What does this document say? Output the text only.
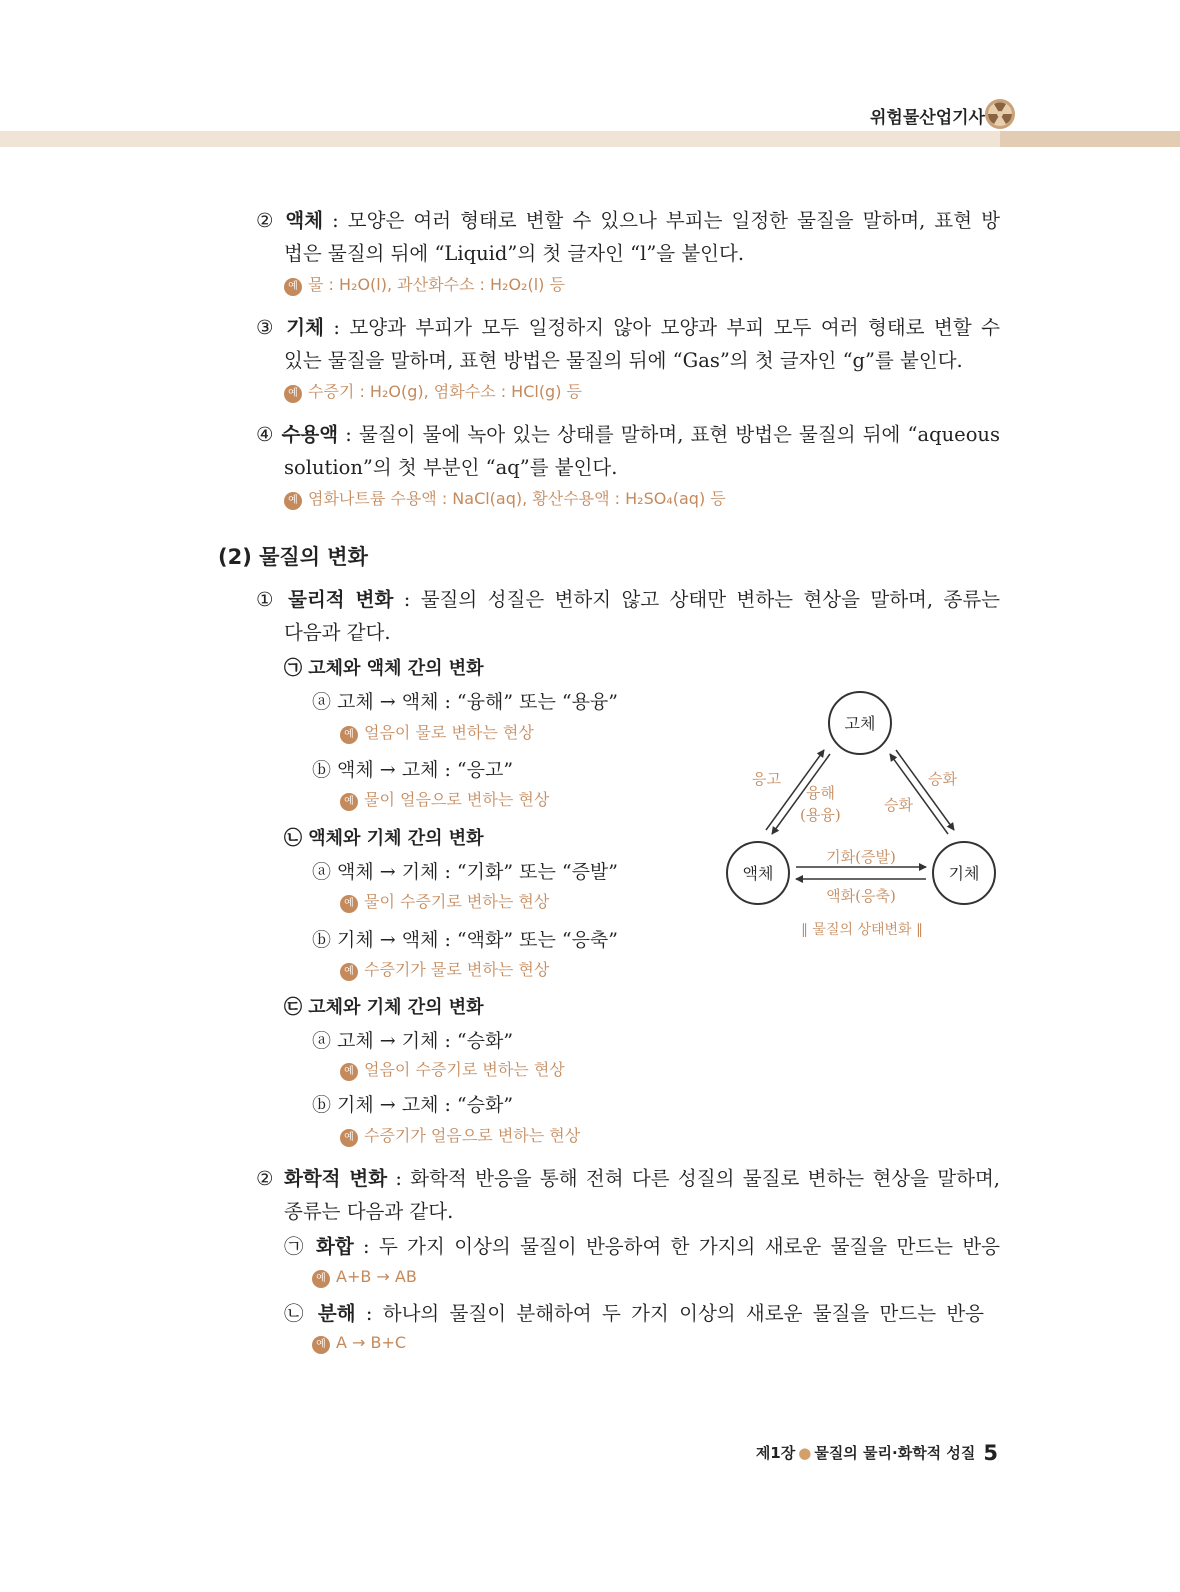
위험물산업기사
② 액체 : 모양은 여러 형태로 변할 수 있으나 부피는 일정한 물질을 말하며, 표현 방
법은 물질의 뒤에 “Liquid”의 첫 글자인 “l”을 붙인다.
예 물 : H₂O(l), 과산화수소 : H₂O₂(l) 등
③ 기체 : 모양과 부피가 모두 일정하지 않아 모양과 부피 모두 여러 형태로 변할 수
있는 물질을 말하며, 표현 방법은 물질의 뒤에 “Gas”의 첫 글자인 “g”를 붙인다.
예 수증기 : H₂O(g), 염화수소 : HCl(g) 등
④ 수용액 : 물질이 물에 녹아 있는 상태를 말하며, 표현 방법은 물질의 뒤에 “aqueous
solution”의 첫 부분인 “aq”를 붙인다.
예 염화나트륨 수용액 : NaCl(aq), 황산수용액 : H₂SO₄(aq) 등
(2) 물질의 변화
① 물리적 변화 : 물질의 성질은 변하지 않고 상태만 변하는 현상을 말하며, 종류는
다음과 같다.
㉠ 고체와 액체 간의 변화
ⓐ 고체 → 액체 : “융해” 또는 “용융”
예 얼음이 물로 변하는 현상
ⓑ 액체 → 고체 : “응고”
예 물이 얼음으로 변하는 현상
㉡ 액체와 기체 간의 변화
ⓐ 액체 → 기체 : “기화” 또는 “증발”
예 물이 수증기로 변하는 현상
ⓑ 기체 → 액체 : “액화” 또는 “응축”
예 수증기가 물로 변하는 현상
㉢ 고체와 기체 간의 변화
ⓐ 고체 → 기체 : “승화”
예 얼음이 수증기로 변하는 현상
ⓑ 기체 → 고체 : “승화”
예 수증기가 얼음으로 변하는 현상
고체
액체	기체
응고
융해
(용융)
승화
승화
기화(증발)
액화(응축)
∥ 물질의 상태변화 ∥
② 화학적 변화 : 화학적 반응을 통해 전혀 다른 성질의 물질로 변하는 현상을 말하며,
종류는 다음과 같다.
㉠ 화합 : 두 가지 이상의 물질이 반응하여 한 가지의 새로운 물질을 만드는 반응
예 A+B → AB
㉡ 분해 : 하나의 물질이 분해하여 두 가지 이상의 새로운 물질을 만드는 반응
예 A → B+C
제1장 ● 물질의 물리·화학적 성질 5
